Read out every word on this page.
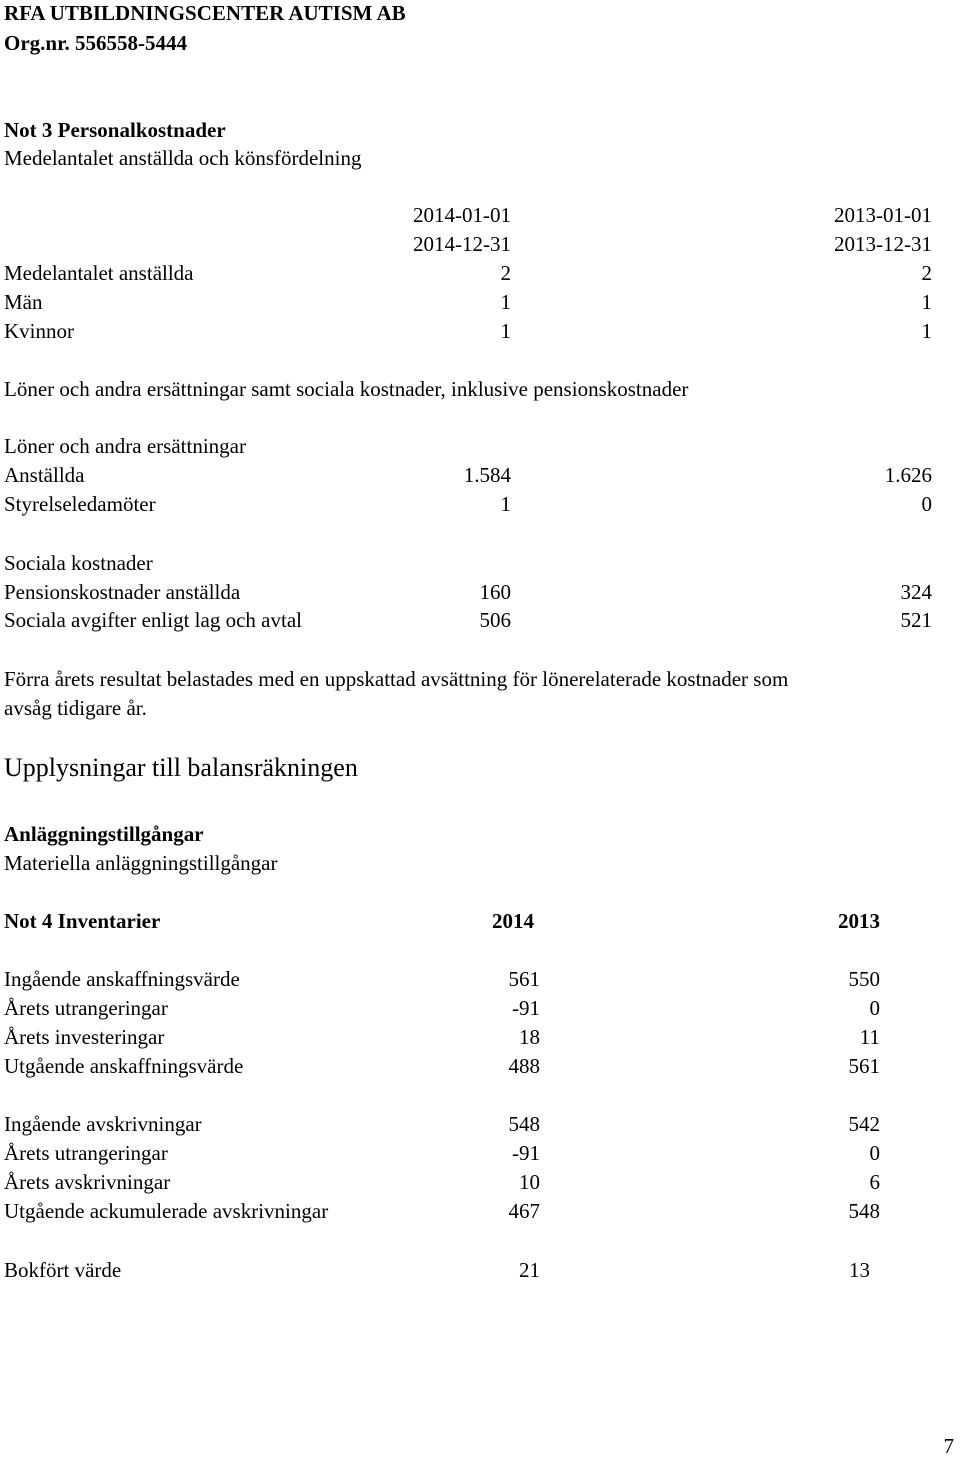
RFA UTBILDNINGSCENTER AUTISM AB
Org.nr. 556558-5444
Not 3 Personalkostnader
Medelantalet anställda och könsfördelning
2014-01-01	2013-01-01
2014-12-31	2013-12-31
Medelantalet anställda	2	2
Män	1	1
Kvinnor	1	1
Löner och andra ersättningar samt sociala kostnader, inklusive pensionskostnader
Löner och andra ersättningar
Anställda	1.584	1.626
Styrelseledamöter	1	0
Sociala kostnader
Pensionskostnader anställda	160	324
Sociala avgifter enligt lag och avtal	506	521
Förra årets resultat belastades med en uppskattad avsättning för lönerelaterade kostnader som
avsåg tidigare år.
Upplysningar till balansräkningen
Anläggningstillgångar
Materiella anläggningstillgångar
Not 4 Inventarier	2014	2013
Ingående anskaffningsvärde	561	550
Årets utrangeringar	-91	0
Årets investeringar	18	11
Utgående anskaffningsvärde	488	561
Ingående avskrivningar	548	542
Årets utrangeringar	-91	0
Årets avskrivningar	10	6
Utgående ackumulerade avskrivningar	467	548
Bokfört värde	21	13
7
